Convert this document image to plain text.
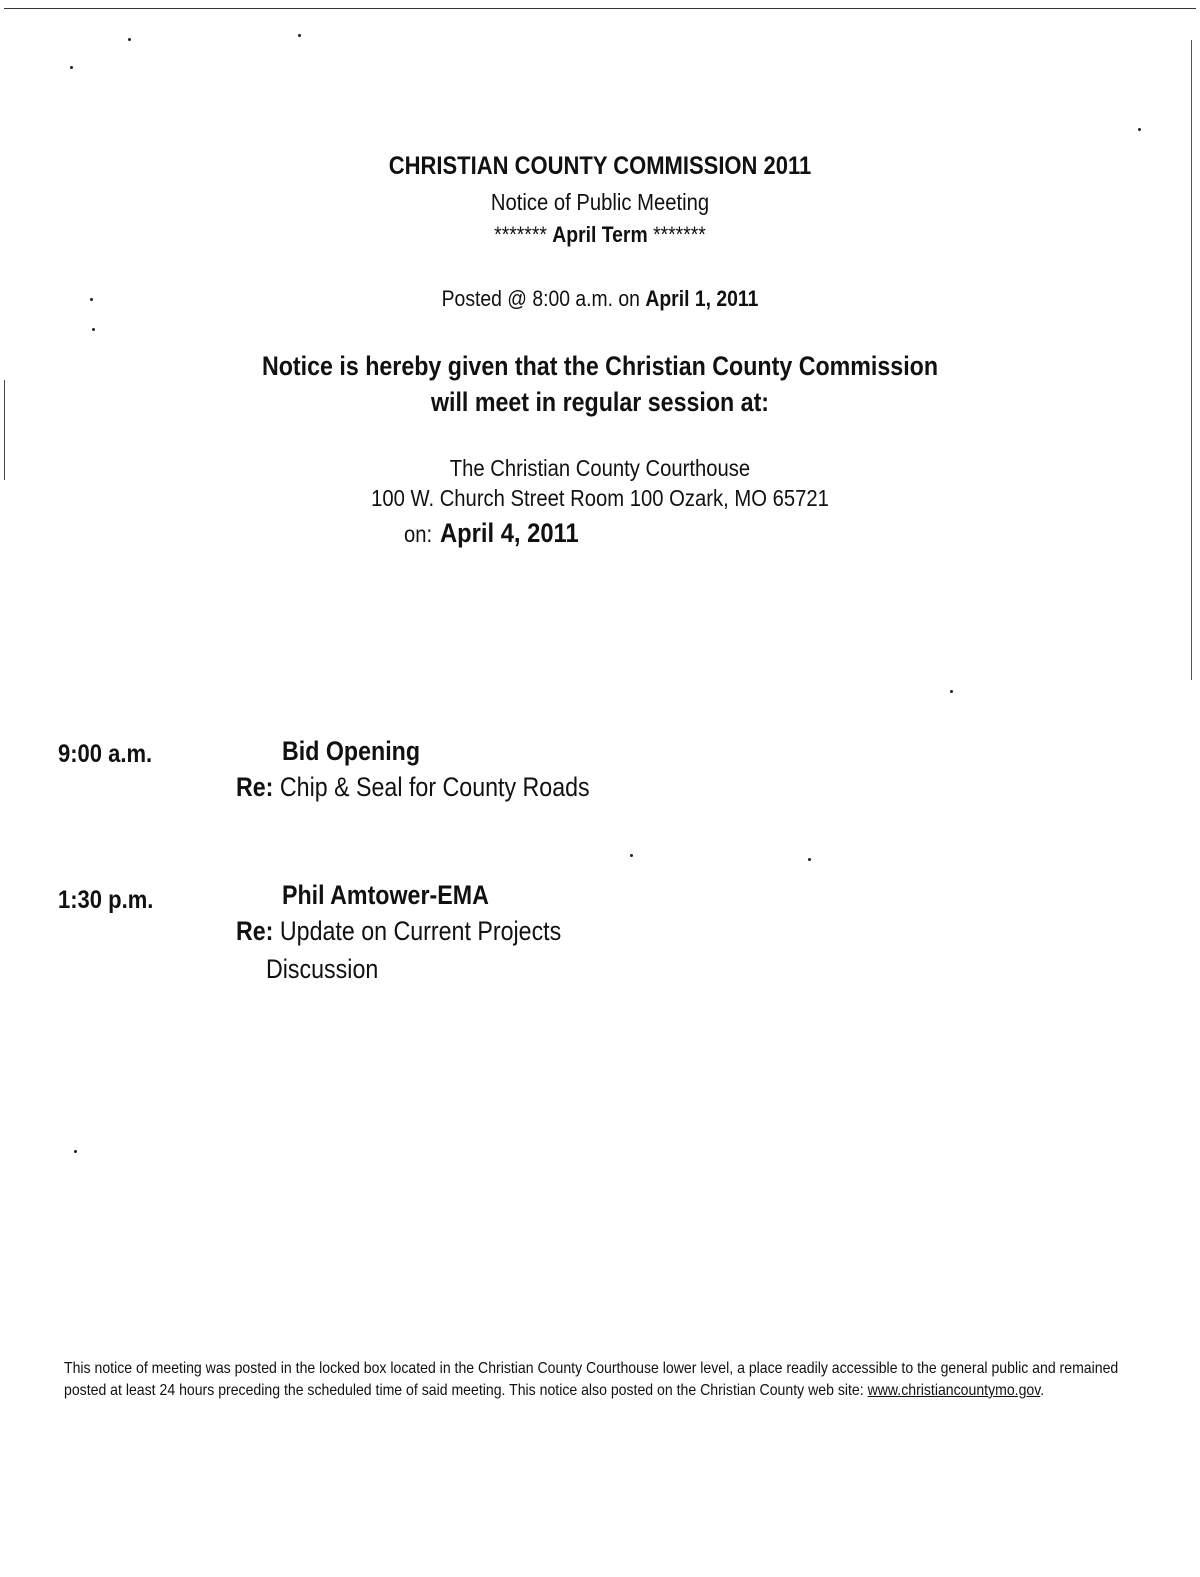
CHRISTIAN COUNTY COMMISSION 2011
Notice of Public Meeting
******* April Term *******
Posted @ 8:00 a.m. on April 1, 2011
Notice is hereby given that the Christian County Commission
will meet in regular session at:
The Christian County Courthouse
100 W. Church Street Room 100 Ozark, MO 65721
on: April 4, 2011
9:00 a.m.	Bid Opening
Re: Chip & Seal for County Roads
1:30 p.m.	Phil Amtower-EMA
Re: Update on Current Projects
Discussion
This notice of meeting was posted in the locked box located in the Christian County Courthouse lower level, a place readily accessible to the general public and remained posted at least 24 hours preceding the scheduled time of said meeting. This notice also posted on the Christian County web site: www.christiancountymo.gov.
